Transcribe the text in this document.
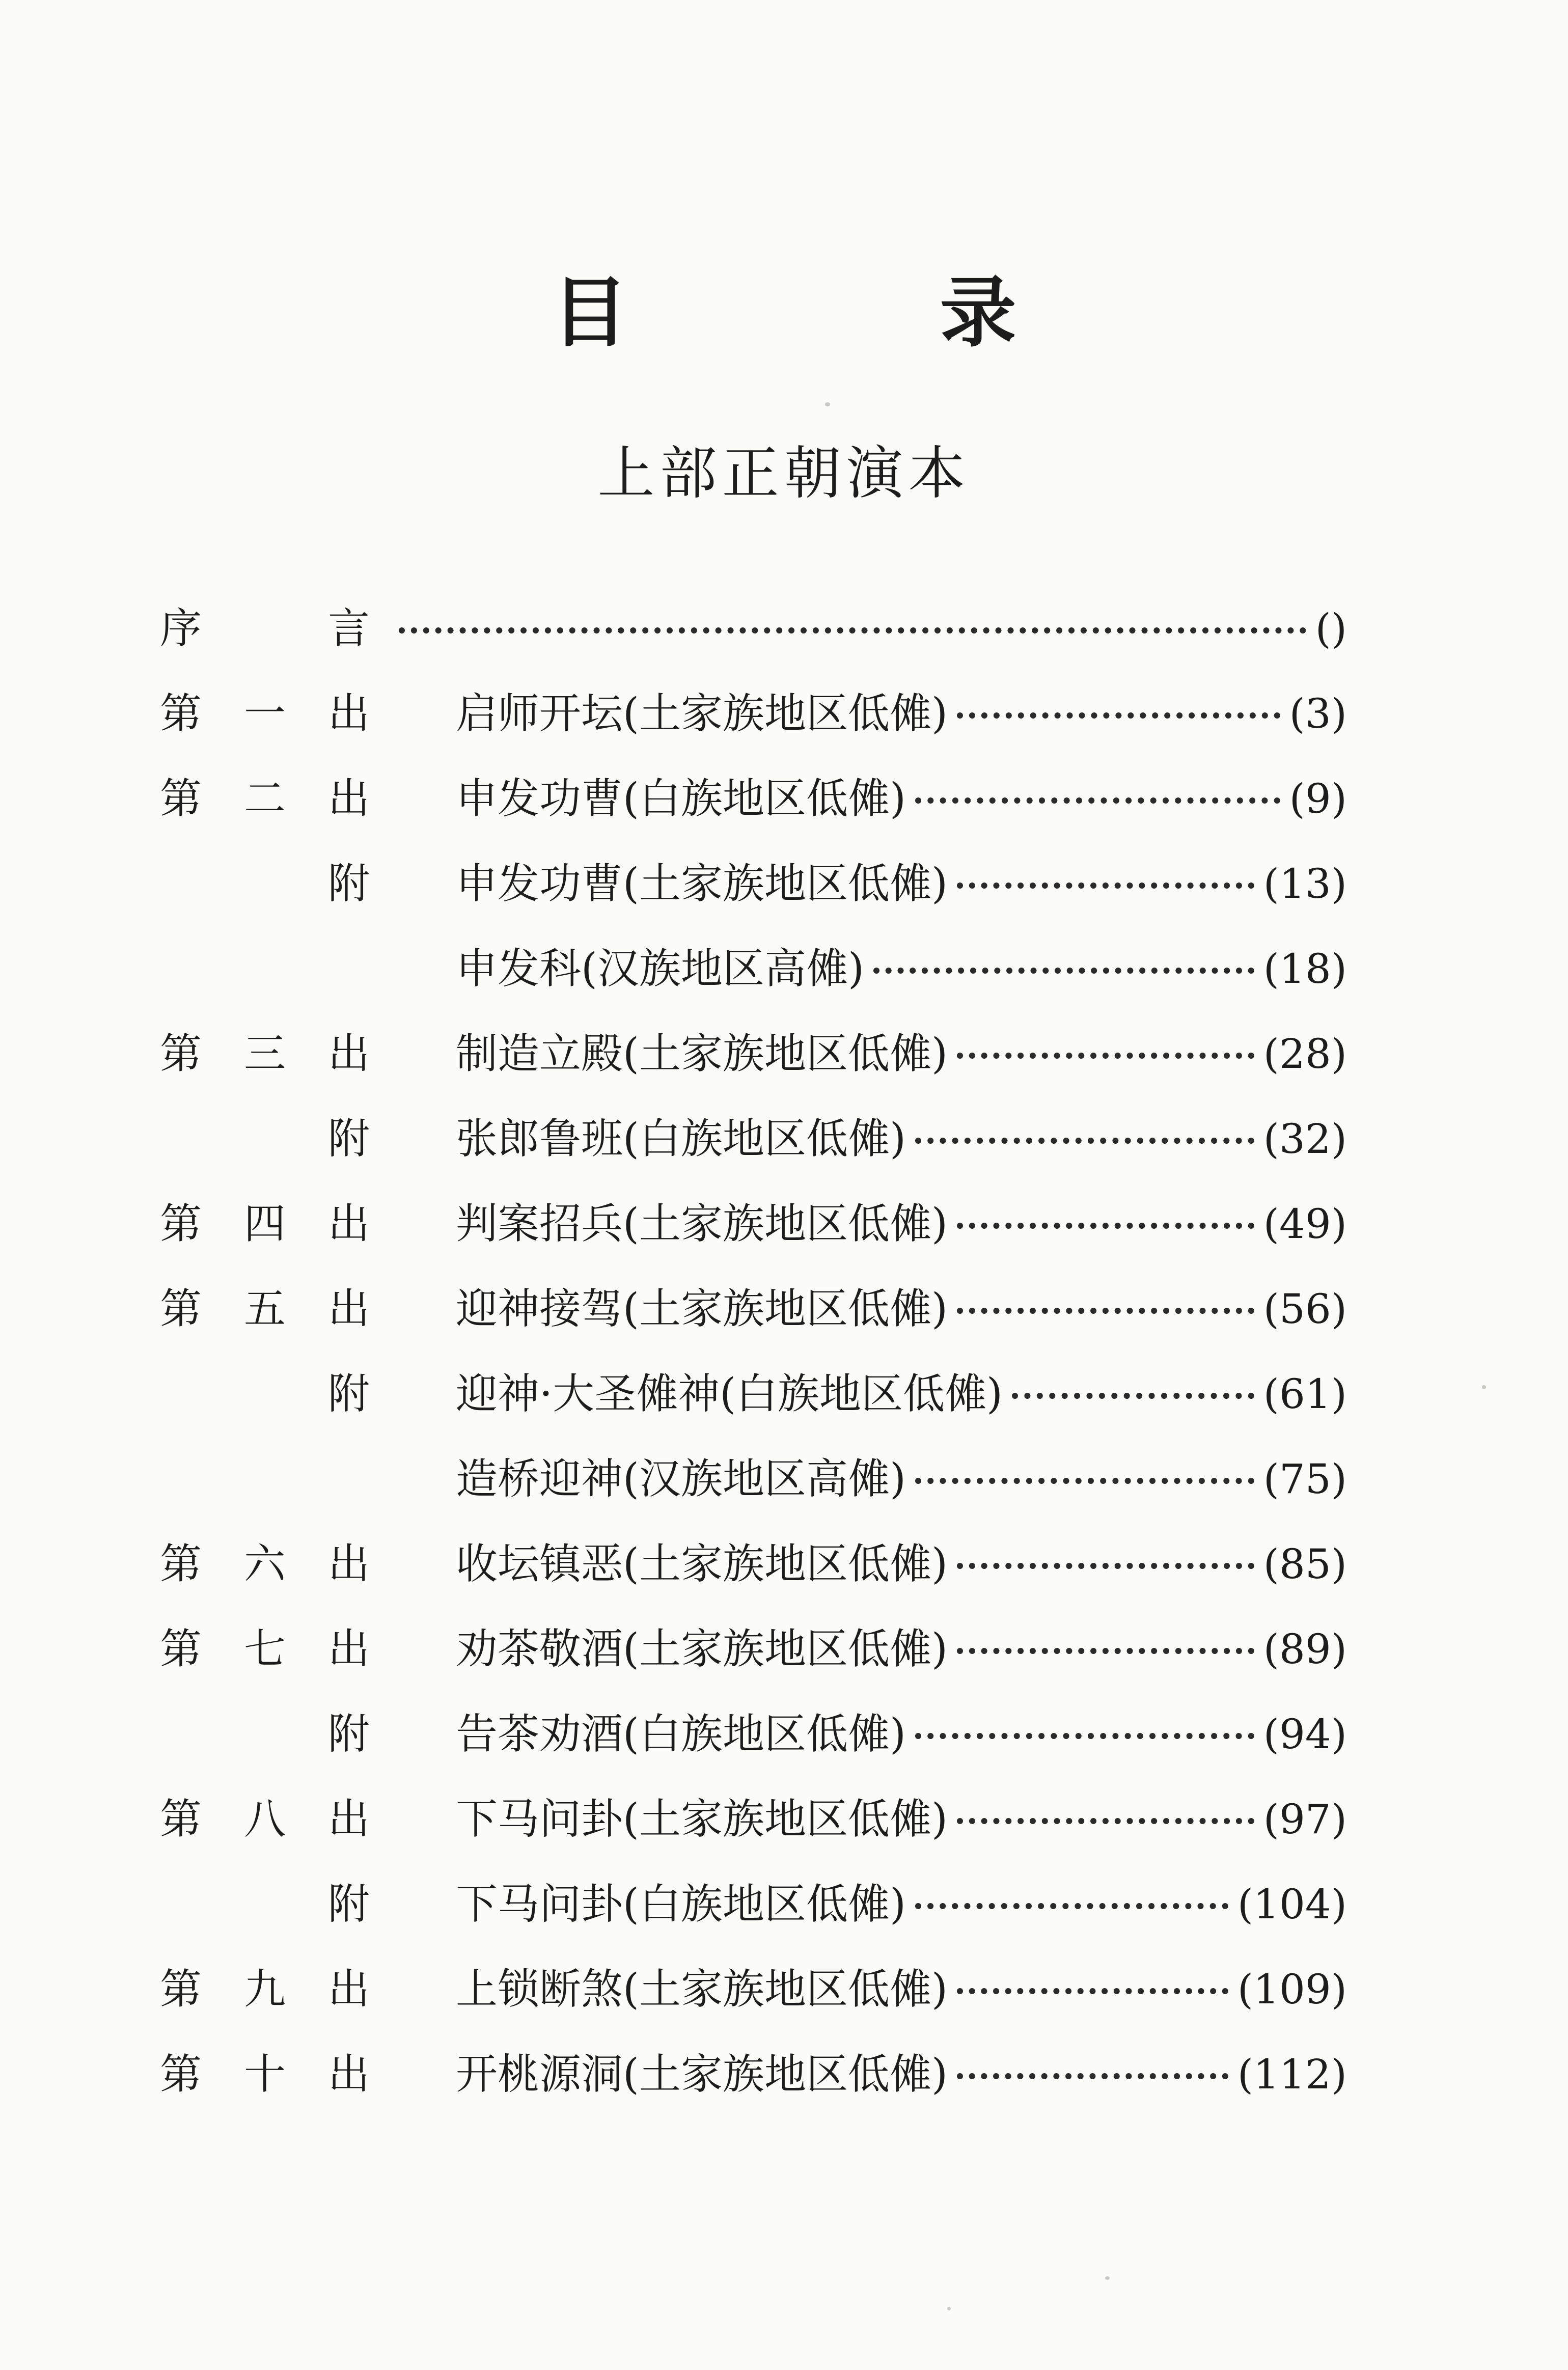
目 录
上部正朝演本
序	言	()
第 一 出 启师开坛(土家族地区低傩)	(3)
第 二 出 申发功曹(白族地区低傩)	(9)
附 申发功曹(土家族地区低傩)	(13)
申发科(汉族地区高傩)	(18)
第 三 出 制造立殿(土家族地区低傩)	(28)
附 张郎鲁班(白族地区低傩)	(32)
第 四 出 判案招兵(土家族地区低傩)	(49)
第 五 出 迎神接驾(土家族地区低傩)	(56)
附 迎神·大圣傩神(白族地区低傩)	(61)
造桥迎神(汉族地区高傩)	(75)
第 六 出 收坛镇恶(土家族地区低傩)	(85)
第 七 出 劝茶敬酒(土家族地区低傩)	(89)
附 告茶劝酒(白族地区低傩)	(94)
第 八 出 下马问卦(土家族地区低傩)	(97)
附 下马问卦(白族地区低傩)	(104)
第 九 出 上锁断煞(土家族地区低傩)	(109)
第 十 出 开桃源洞(土家族地区低傩)	(112)
